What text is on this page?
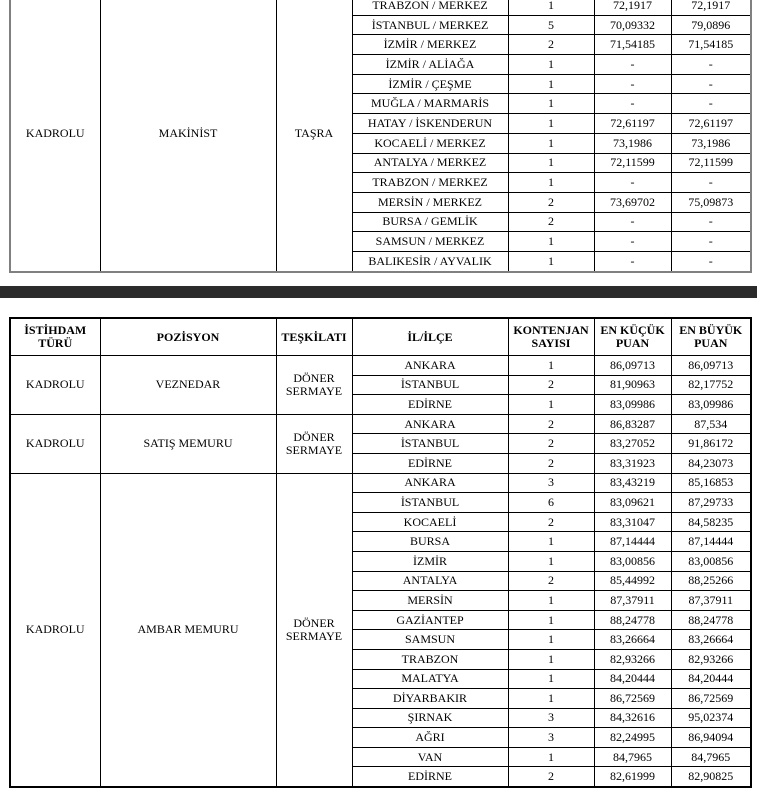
KADROLU	MAKİNİST	TAŞRA	TRABZON / MERKEZ	1	72,1917	72,1917
			İSTANBUL / MERKEZ	5	70,09332	79,0896
			İZMİR / MERKEZ	2	71,54185	71,54185
			İZMİR / ALİAĞA	1	-	-
			İZMİR / ÇEŞME	1	-	-
			MUĞLA / MARMARİS	1	-	-
			HATAY / İSKENDERUN	1	72,61197	72,61197
			KOCAELİ / MERKEZ	1	73,1986	73,1986
			ANTALYA / MERKEZ	1	72,11599	72,11599
			TRABZON / MERKEZ	1	-	-
			MERSİN / MERKEZ	2	73,69702	75,09873
			BURSA / GEMLİK	2	-	-
			SAMSUN / MERKEZ	1	-	-
			BALIKESİR / AYVALIK	1	-	-
İSTİHDAM TÜRÜ	POZİSYON	TEŞKİLATI	İL/İLÇE	KONTENJAN SAYISI	EN KÜÇÜK PUAN	EN BÜYÜK PUAN
KADROLU	VEZNEDAR	DÖNER SERMAYE	ANKARA	1	86,09713	86,09713
			İSTANBUL	2	81,90963	82,17752
			EDİRNE	1	83,09986	83,09986
KADROLU	SATIŞ MEMURU	DÖNER SERMAYE	ANKARA	2	86,83287	87,534
			İSTANBUL	2	83,27052	91,86172
			EDİRNE	2	83,31923	84,23073
KADROLU	AMBAR MEMURU	DÖNER SERMAYE	ANKARA	3	83,43219	85,16853
			İSTANBUL	6	83,09621	87,29733
			KOCAELİ	2	83,31047	84,58235
			BURSA	1	87,14444	87,14444
			İZMİR	1	83,00856	83,00856
			ANTALYA	2	85,44992	88,25266
			MERSİN	1	87,37911	87,37911
			GAZİANTEP	1	88,24778	88,24778
			SAMSUN	1	83,26664	83,26664
			TRABZON	1	82,93266	82,93266
			MALATYA	1	84,20444	84,20444
			DİYARBAKIR	1	86,72569	86,72569
			ŞIRNAK	3	84,32616	95,02374
			AĞRI	3	82,24995	86,94094
			VAN	1	84,7965	84,7965
			EDİRNE	2	82,61999	82,90825
